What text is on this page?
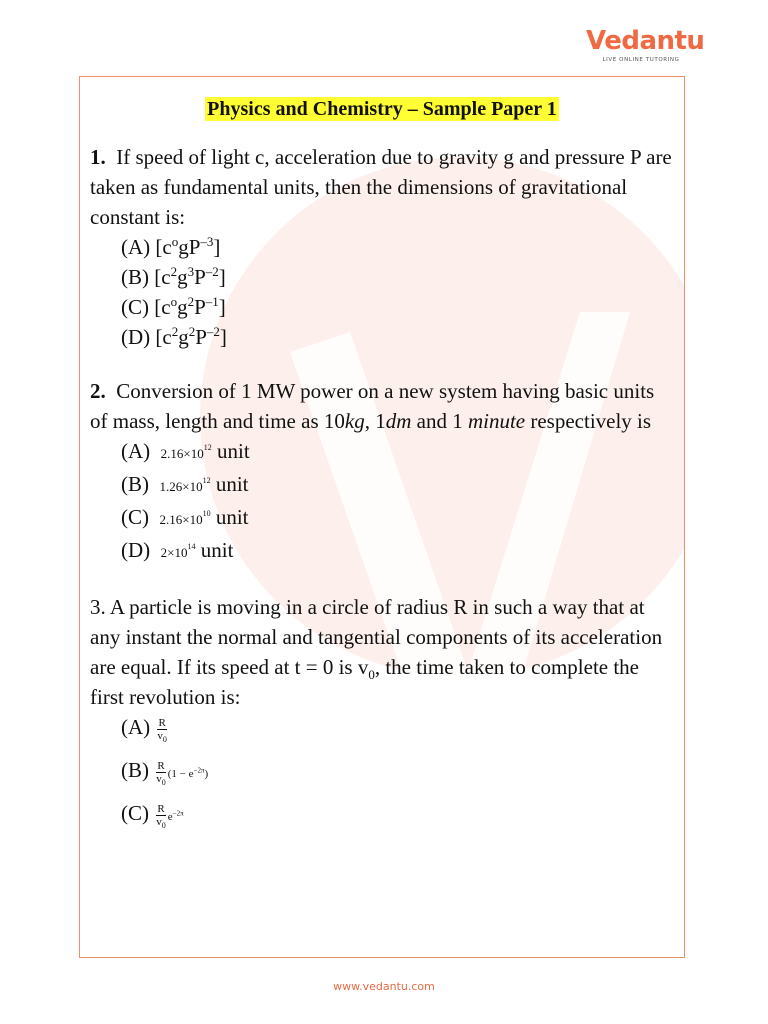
Vedantu
LIVE ONLINE TUTORING
Physics and Chemistry – Sample Paper 1

1. If speed of light c, acceleration due to gravity g and pressure P are taken as fundamental units, then the dimensions of gravitational constant is:

(A) $[c^ogP^{-3}]$
(B) $[c^2g^3P^{-2}]$
(C) $[c^og^2P^{-1}]$
(D) $[c^2g^2P^{-2}]$

2. Conversion of 1 MW power on a new system having basic units of mass, length and time as 10kg, 1dm and 1 minute respectively is

(A) $2.16\times 10^{12}$ unit
(B) $1.26\times 10^{12}$ unit
(C) $2.16\times 10^{10}$ unit
(D) $2\times 10^{14}$ unit

3. A particle is moving in a circle of radius R in such a way that at any instant the normal and tangential components of its acceleration are equal. If its speed at t = 0 is $v_0$, the time taken to complete the first revolution is:

$(A) \frac{R}{v_0}$
$(B) \frac{R}{v_0} (1 - e^{-2\pi})$
$(C) \frac{R}{v_0} e^{-2\pi}$
www.vedantu.com
